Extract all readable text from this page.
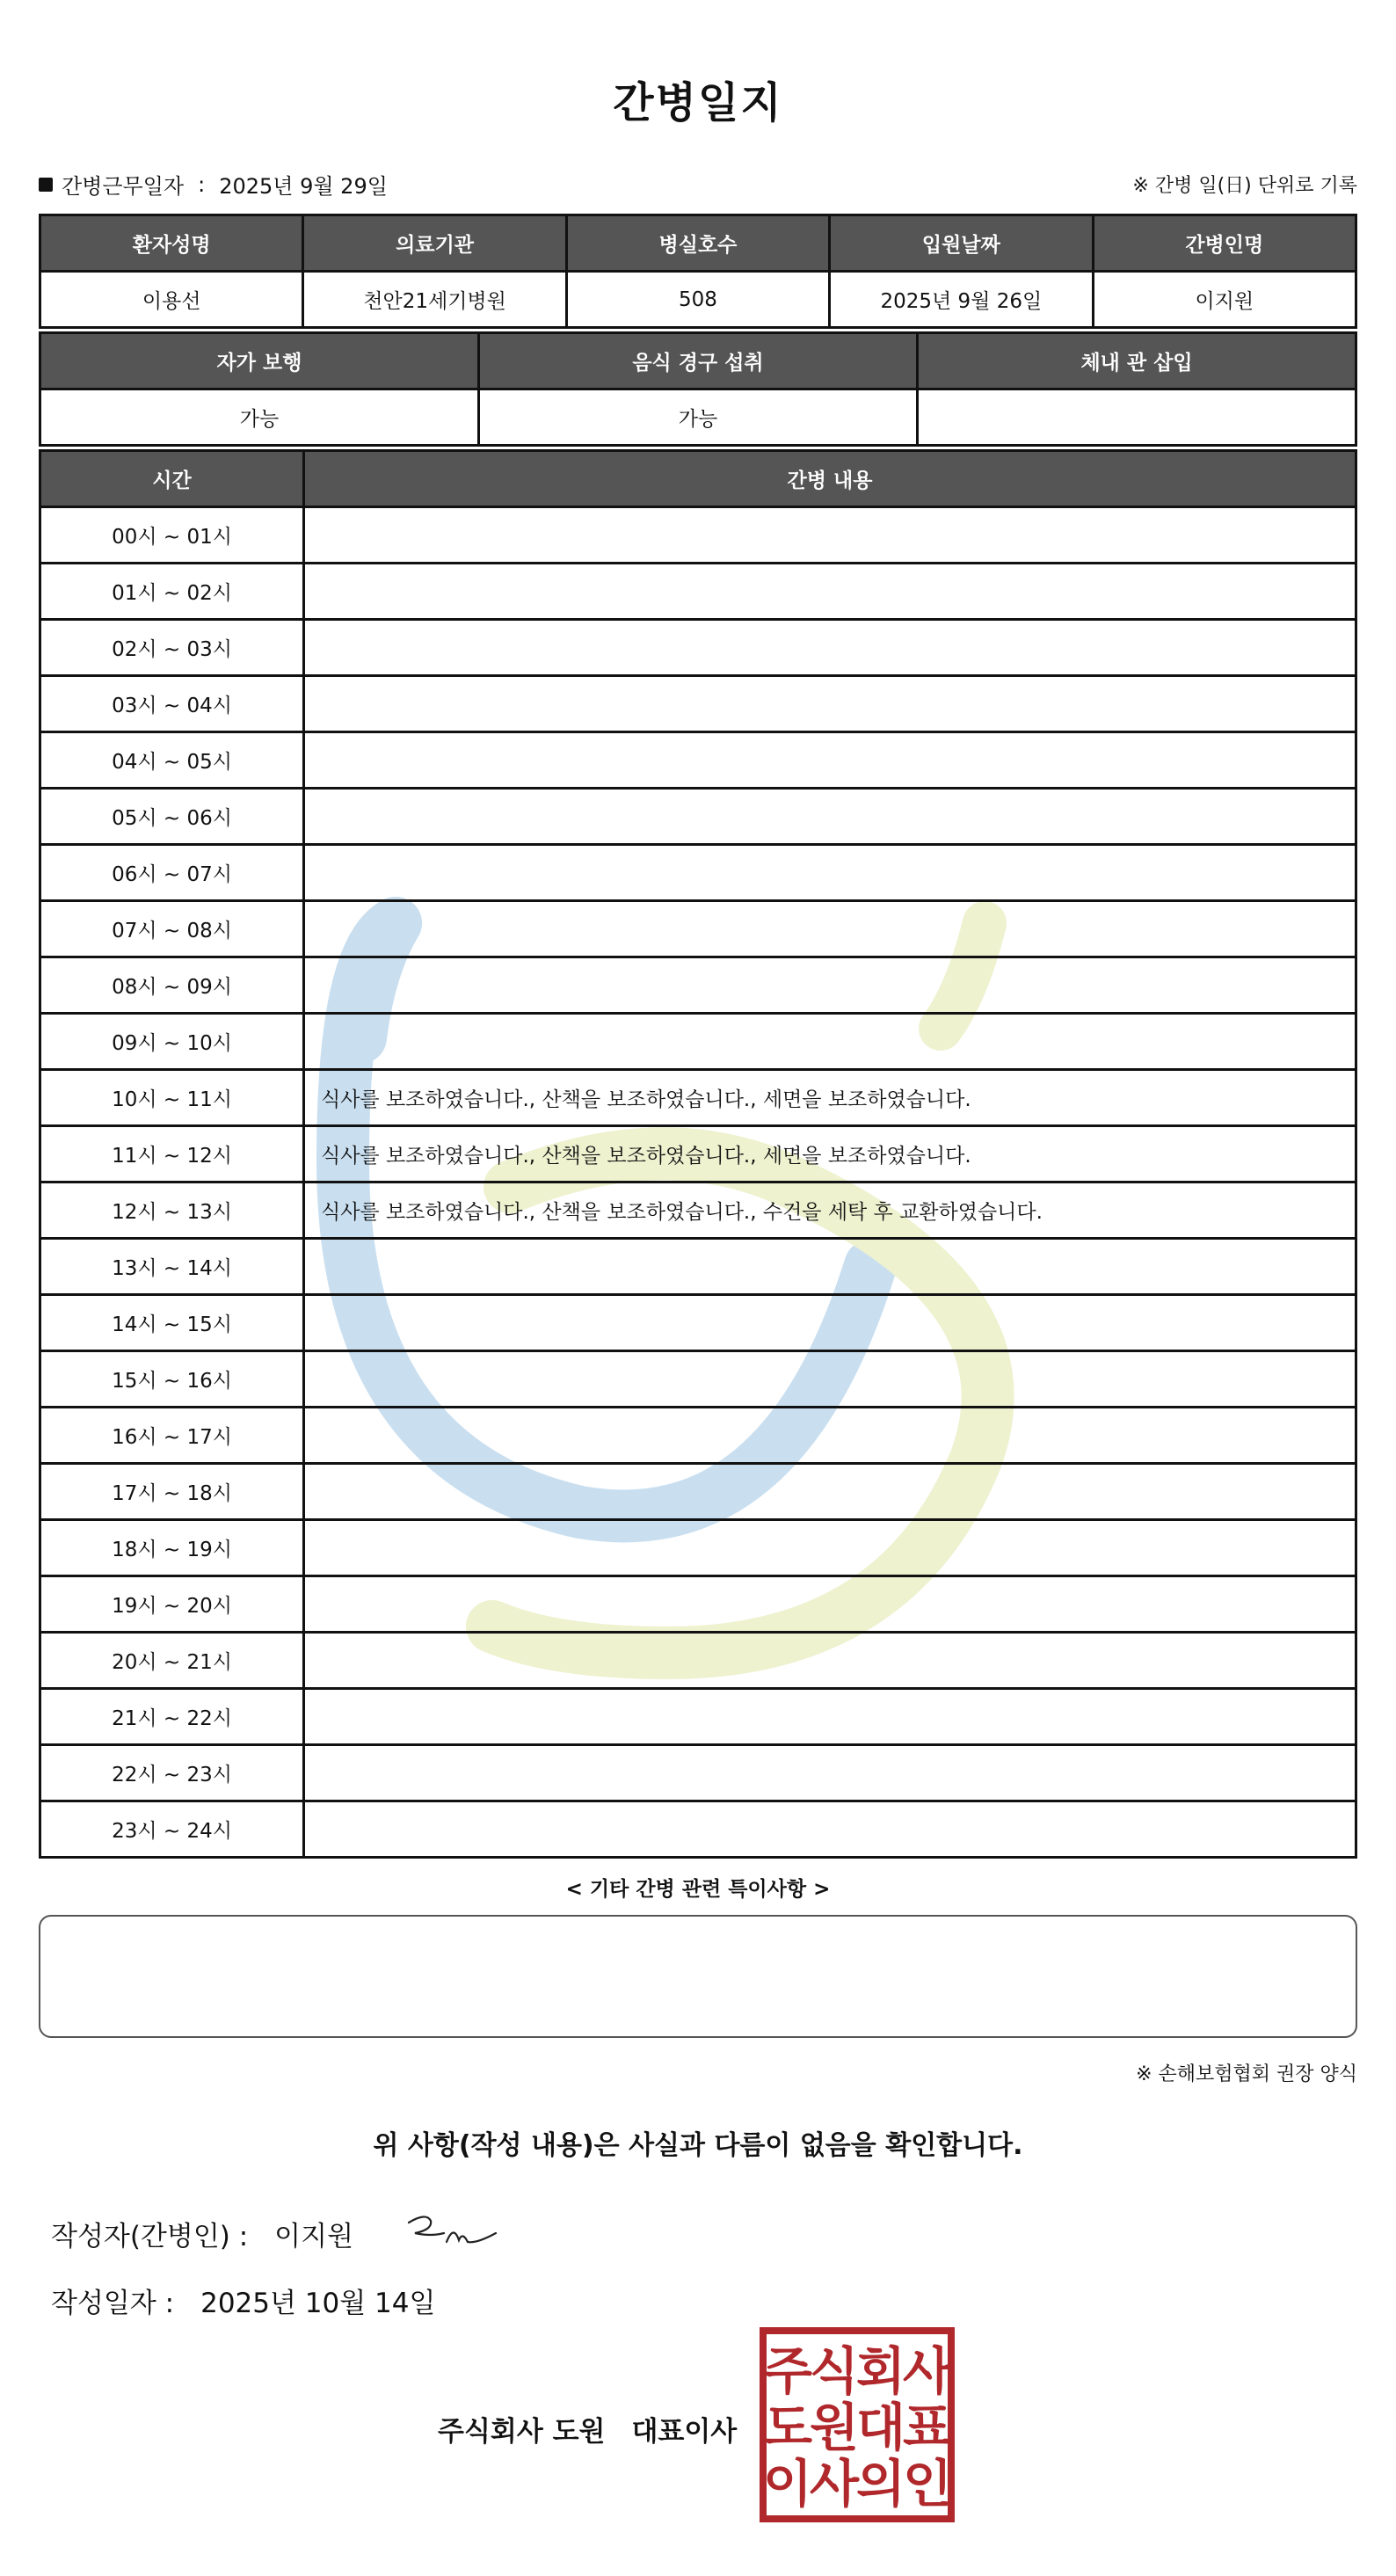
간병일지
간병근무일자 : 2025년 9월 29일	※ 간병 일(日) 단위로 기록
환자성명	의료기관	병실호수	입원날짜	간병인명
이용선	천안21세기병원	508	2025년 9월 26일	이지원
자가 보행	음식 경구 섭취	체내 관 삽입
가능	가능	
시간	간병 내용
00시 ~ 01시	
01시 ~ 02시	
02시 ~ 03시	
03시 ~ 04시	
04시 ~ 05시	
05시 ~ 06시	
06시 ~ 07시	
07시 ~ 08시	
08시 ~ 09시	
09시 ~ 10시	
10시 ~ 11시	식사를 보조하였습니다., 산책을 보조하였습니다., 세면을 보조하였습니다.
11시 ~ 12시	식사를 보조하였습니다., 산책을 보조하였습니다., 세면을 보조하였습니다.
12시 ~ 13시	식사를 보조하였습니다., 산책을 보조하였습니다., 수건을 세탁 후 교환하였습니다.
13시 ~ 14시	
14시 ~ 15시	
15시 ~ 16시	
16시 ~ 17시	
17시 ~ 18시	
18시 ~ 19시	
19시 ~ 20시	
20시 ~ 21시	
21시 ~ 22시	
22시 ~ 23시	
23시 ~ 24시	
< 기타 간병 관련 특이사항 >
※ 손해보험협회 권장 양식
위 사항(작성 내용)은 사실과 다름이 없음을 확인합니다.
작성자(간병인) : 이지원
작성일자 : 2025년 10월 14일
주식회사 도원 대표이사
주
식
회
사
도
원
대
표
이
사
의
인
